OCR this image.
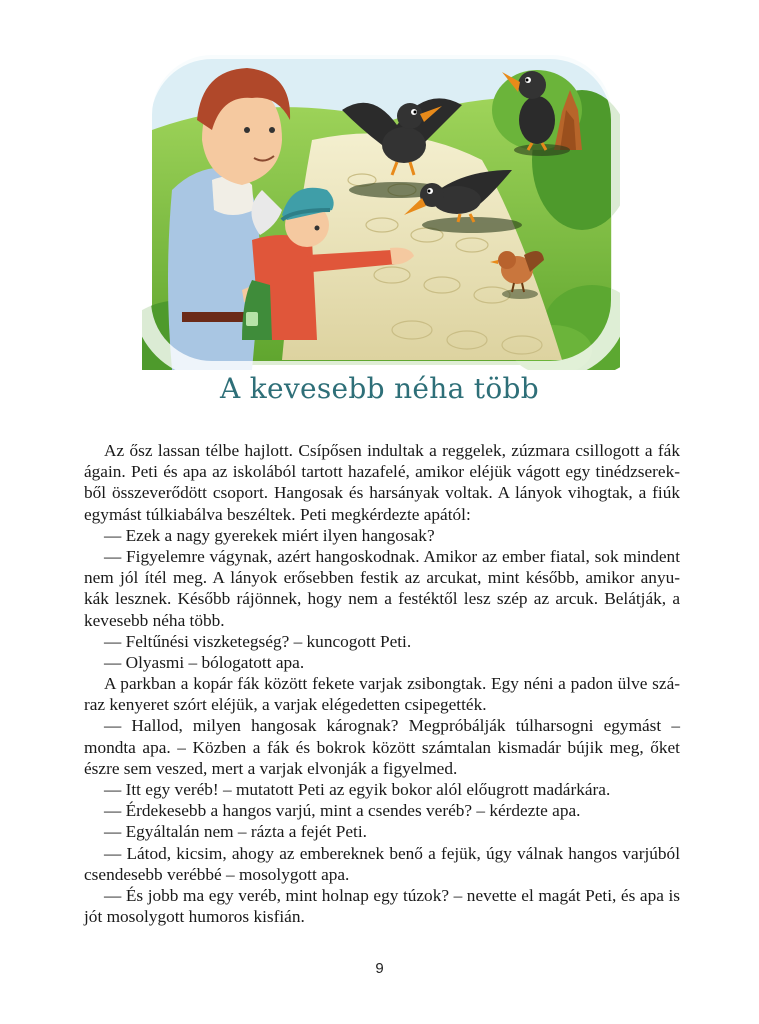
A kevesebb néha több
Az ősz lassan télbe hajlott. Csípősen indultak a reggelek, zúzmara csillogott a fák
ágain. Peti és apa az iskolából tartott hazafelé, amikor eléjük vágott egy tinédzserek-
ből összeverődött csoport. Hangosak és harsányak voltak. A lányok vihogtak, a fiúk
egymást túlkiabálva beszéltek. Peti megkérdezte apától:
— Ezek a nagy gyerekek miért ilyen hangosak?
— Figyelemre vágynak, azért hangoskodnak. Amikor az ember fiatal, sok mindent
nem jól ítél meg. A lányok erősebben festik az arcukat, mint később, amikor anyu-
kák lesznek. Később rájönnek, hogy nem a festéktől lesz szép az arcuk. Belátják, a
kevesebb néha több.
— Feltűnési viszketegség? – kuncogott Peti.
— Olyasmi – bólogatott apa.
A parkban a kopár fák között fekete varjak zsibongtak. Egy néni a padon ülve szá-
raz kenyeret szórt eléjük, a varjak elégedetten csipegették.
— Hallod, milyen hangosak kárognak? Megpróbálják túlharsogni egymást –
mondta apa. – Közben a fák és bokrok között számtalan kismadár bújik meg, őket
észre sem veszed, mert a varjak elvonják a figyelmed.
— Itt egy veréb! – mutatott Peti az egyik bokor alól előugrott madárkára.
— Érdekesebb a hangos varjú, mint a csendes veréb? – kérdezte apa.
— Egyáltalán nem – rázta a fejét Peti.
— Látod, kicsim, ahogy az embereknek benő a fejük, úgy válnak hangos varjúból
csendesebb verébbé – mosolygott apa.
— És jobb ma egy veréb, mint holnap egy túzok? – nevette el magát Peti, és apa is
jót mosolygott humoros kisfián.
9
